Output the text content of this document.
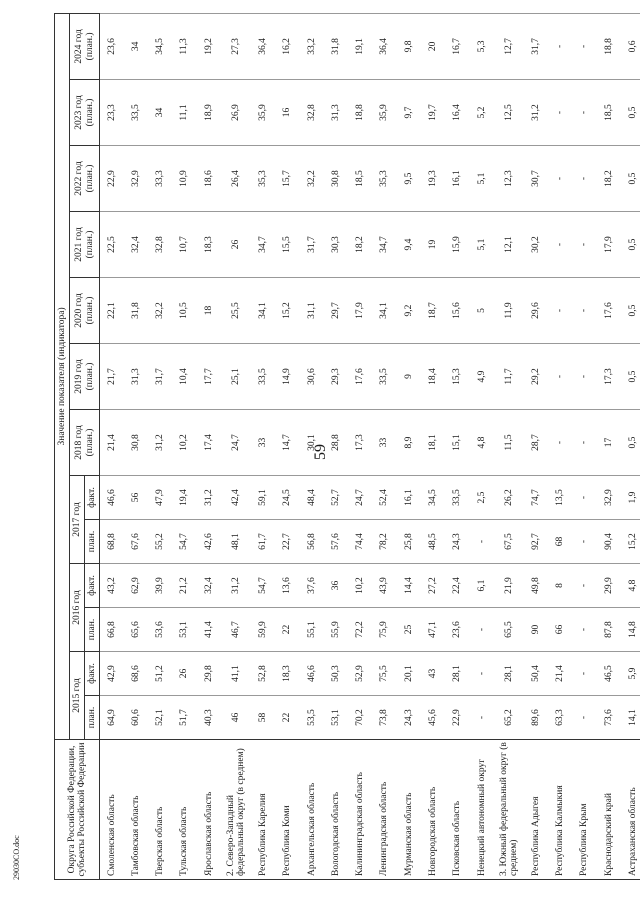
59
29030СО.doc	Округа Российской Федерации, субъекты Российской Федерации	Значение показателя (индикатора)												
	2015 год		2016 год		2017 год		2018 год (план.)	2019 год (план.)	2020 год (план.)	2021 год (план.)	2022 год (план.)	2023 год (план.)	2024 год (план.)
	план.	факт.	план.	факт.	план.	факт.							
Смоленская область	64,9	42,9	66,8	43,2	68,8	46,6	21,4	21,7	22,1	22,5	22,9	23,3	23,6
Тамбовская область	60,6	68,6	65,6	62,9	67,6	56	30,8	31,3	31,8	32,4	32,9	33,5	34
Тверская область	52,1	51,2	53,6	39,9	55,2	47,9	31,2	31,7	32,2	32,8	33,3	34	34,5
Тульская область	51,7	26	53,1	21,2	54,7	19,4	10,2	10,4	10,5	10,7	10,9	11,1	11,3
Ярославская область	40,3	29,8	41,4	32,4	42,6	31,2	17,4	17,7	18	18,3	18,6	18,9	19,2
2. Северо-Западный федеральный округ (в среднем)	46	41,1	46,7	31,2	48,1	42,4	24,7	25,1	25,5	26	26,4	26,9	27,3
Республика Карелия	58	52,8	59,9	54,7	61,7	59,1	33	33,5	34,1	34,7	35,3	35,9	36,4
Республика Коми	22	18,3	22	13,6	22,7	24,5	14,7	14,9	15,2	15,5	15,7	16	16,2
Архангельская область	53,5	46,6	55,1	37,6	56,8	48,4	30,1	30,6	31,1	31,7	32,2	32,8	33,2
Вологодская область	53,1	50,3	55,9	36	57,6	52,7	28,8	29,3	29,7	30,3	30,8	31,3	31,8
Калининградская область	70,2	52,9	72,2	10,2	74,4	24,7	17,3	17,6	17,9	18,2	18,5	18,8	19,1
Ленинградская область	73,8	75,5	75,9	43,9	78,2	52,4	33	33,5	34,1	34,7	35,3	35,9	36,4
Мурманская область	24,3	20,1	25	14,4	25,8	16,1	8,9	9	9,2	9,4	9,5	9,7	9,8
Новгородская область	45,6	43	47,1	27,2	48,5	34,5	18,1	18,4	18,7	19	19,3	19,7	20
Псковская область	22,9	28,1	23,6	22,4	24,3	33,5	15,1	15,3	15,6	15,9	16,1	16,4	16,7
Ненецкий автономный округ	-	-	-	6,1	-	2,5	4,8	4,9	5	5,1	5,1	5,2	5,3
3. Южный федеральный округ (в среднем)	65,2	28,1	65,5	21,9	67,5	26,2	11,5	11,7	11,9	12,1	12,3	12,5	12,7
Республика Адыгея	89,6	50,4	90	49,8	92,7	74,7	28,7	29,2	29,6	30,2	30,7	31,2	31,7
Республика Калмыкия	63,3	21,4	66	8	68	13,5	-	-	-	-	-	-	-
Республика Крым	-	-	-	-	-	-	-	-	-	-	-	-	-
Краснодарский край	73,6	46,5	87,8	29,9	90,4	32,9	17	17,3	17,6	17,9	18,2	18,5	18,8
Астраханская область	14,1	5,9	14,8	4,8	15,2	1,9	0,5	0,5	0,5	0,5	0,5	0,5	0,6
